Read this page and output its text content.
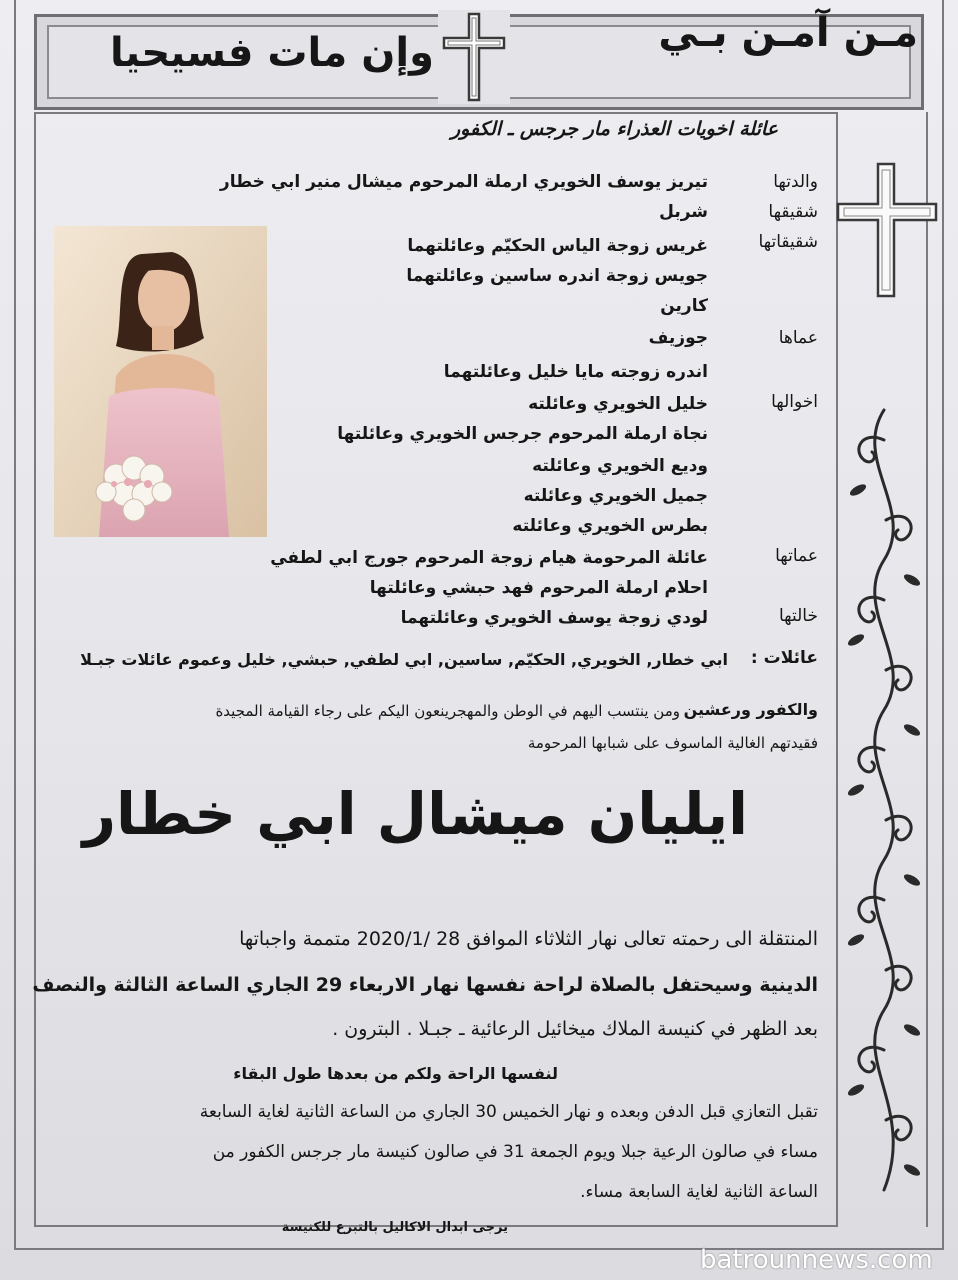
مـن آمـن بـي
وإن مات فسيحيا
عائلة اخويات العذراء مار جرجس ـ الكفور
والدتها
تيريز يوسف الخويري ارملة المرحوم ميشال منير ابي خطار
شقيقها
شربل
شقيقاتها
غريس زوجة الياس الحكيّم وعائلتهما
جويس زوجة اندره ساسين وعائلتهما
كارين
عماها
جوزيف
اندره زوجته مايا خليل وعائلتهما
اخوالها
خليل الخويري وعائلته
نجاة ارملة المرحوم جرجس الخويري وعائلتها
وديع الخويري وعائلته
جميل الخويري وعائلته
بطرس الخويري وعائلته
عماتها
عائلة المرحومة هيام زوجة المرحوم جورج ابي لطفي
احلام ارملة المرحوم فهد حبشي وعائلتها
خالتها
لودي زوجة يوسف الخويري وعائلتهما
عائلات :
ابي خطار, الخويري, الحكيّم, ساسين, ابي لطفي, حبشي, خليل وعموم عائلات جبـلا
والكفور ورعشين
ومن ينتسب اليهم في الوطن والمهجرينعون اليكم على رجاء القيامة المجيدة
فقيدتهم الغالية الماسوف على شبابها المرحومة
ايليان ميشال ابي خطار
المنتقلة الى رحمته تعالى نهار الثلاثاء الموافق 28 /2020/1 متممة واجباتها
الدينية وسيحتفل بالصلاة لراحة نفسها نهار الاربعاء 29 الجاري الساعة الثالثة والنصف
بعد الظهر في كنيسة الملاك ميخائيل الرعائية ـ جبـلا . البترون .
لنفسها الراحة ولكم من بعدها طول البقاء
تقبل التعازي قبل الدفن وبعده و نهار الخميس 30 الجاري من الساعة الثانية لغاية السابعة
مساء في صالون الرعية جبلا ويوم الجمعة 31 في صالون كنيسة مار جرجس الكفور من
الساعة الثانية لغاية السابعة مساء.
يرجى ابدال الاكاليل بالتبرع للكنيسة
batrounnews.com
